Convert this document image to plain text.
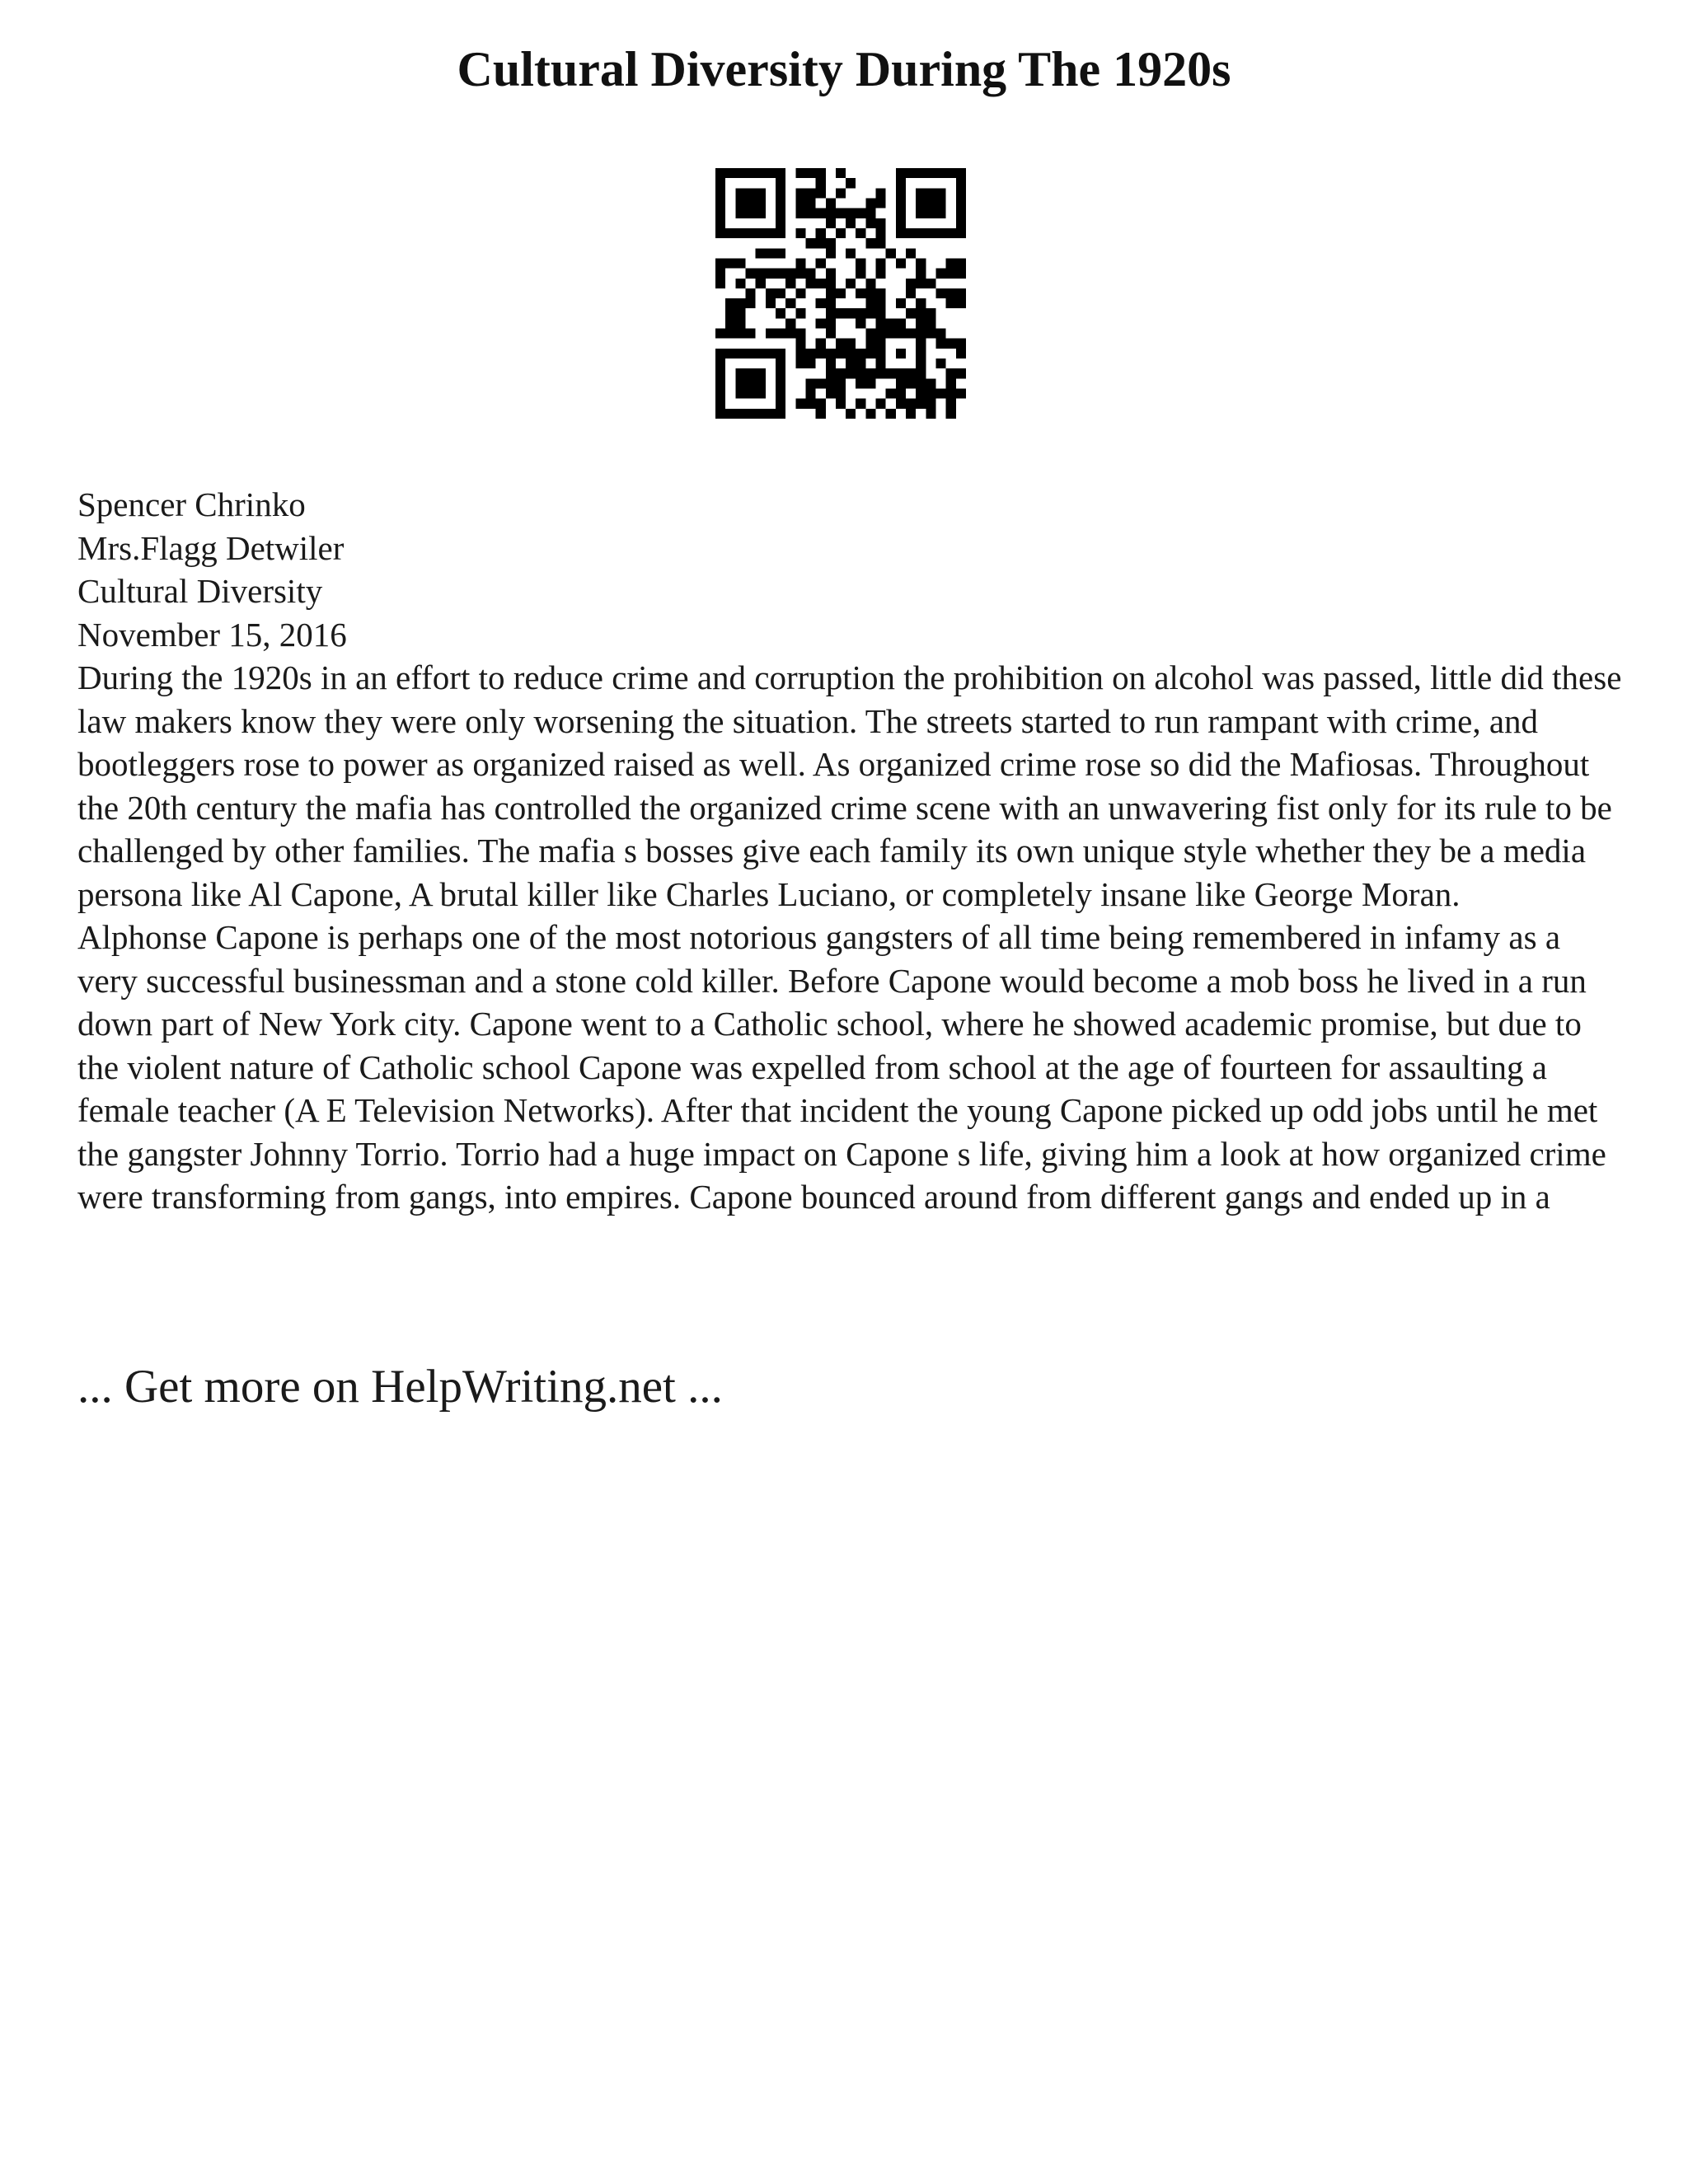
Cultural Diversity During The 1920s
Spencer Chrinko
Mrs.Flagg Detwiler
Cultural Diversity
November 15, 2016

During the 1920s in an effort to reduce crime and corruption the prohibition on alcohol was passed, little did these law makers know they were only worsening the situation. The streets started to run rampant with crime, and bootleggers rose to power as organized raised as well. As organized crime rose so did the Mafiosas. Throughout the 20th century the mafia has controlled the organized crime scene with an unwavering fist only for its rule to be challenged by other families. The mafia s bosses give each family its own unique style whether they be a media persona like Al Capone, A brutal killer like Charles Luciano, or completely insane like George Moran.

Alphonse Capone is perhaps one of the most notorious gangsters of all time being remembered in infamy as a very successful businessman and a stone cold killer. Before Capone would become a mob boss he lived in a run down part of New York city. Capone went to a Catholic school, where he showed academic promise, but due to the violent nature of Catholic school Capone was expelled from school at the age of fourteen for assaulting a female teacher (A E Television Networks). After that incident the young Capone picked up odd jobs until he met the gangster Johnny Torrio. Torrio had a huge impact on Capone s life, giving him a look at how organized crime were transforming from gangs, into empires. Capone bounced around from different gangs and ended up in a

... Get more on HelpWriting.net ...
